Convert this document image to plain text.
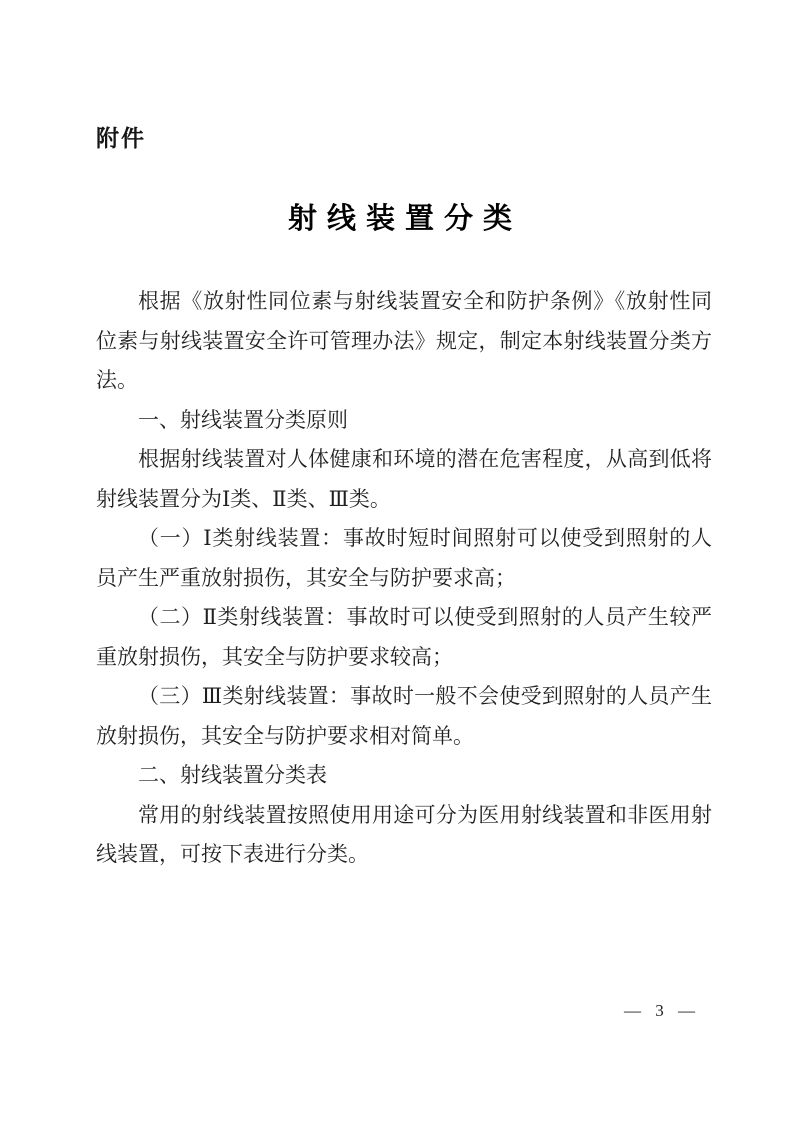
附件
射线装置分类

根据《放射性同位素与射线装置安全和防护条例》《放射性同位素与射线装置安全许可管理办法》规定，制定本射线装置分类方法。

一、射线装置分类原则

根据射线装置对人体健康和环境的潜在危害程度，从高到低将射线装置分为Ⅰ类、Ⅱ类、Ⅲ类。

（一）Ⅰ类射线装置：事故时短时间照射可以使受到照射的人员产生严重放射损伤，其安全与防护要求高；

（二）Ⅱ类射线装置：事故时可以使受到照射的人员产生较严重放射损伤，其安全与防护要求较高；

（三）Ⅲ类射线装置：事故时一般不会使受到照射的人员产生放射损伤，其安全与防护要求相对简单。

二、射线装置分类表

常用的射线装置按照使用用途可分为医用射线装置和非医用射线装置，可按下表进行分类。

— 3 —
